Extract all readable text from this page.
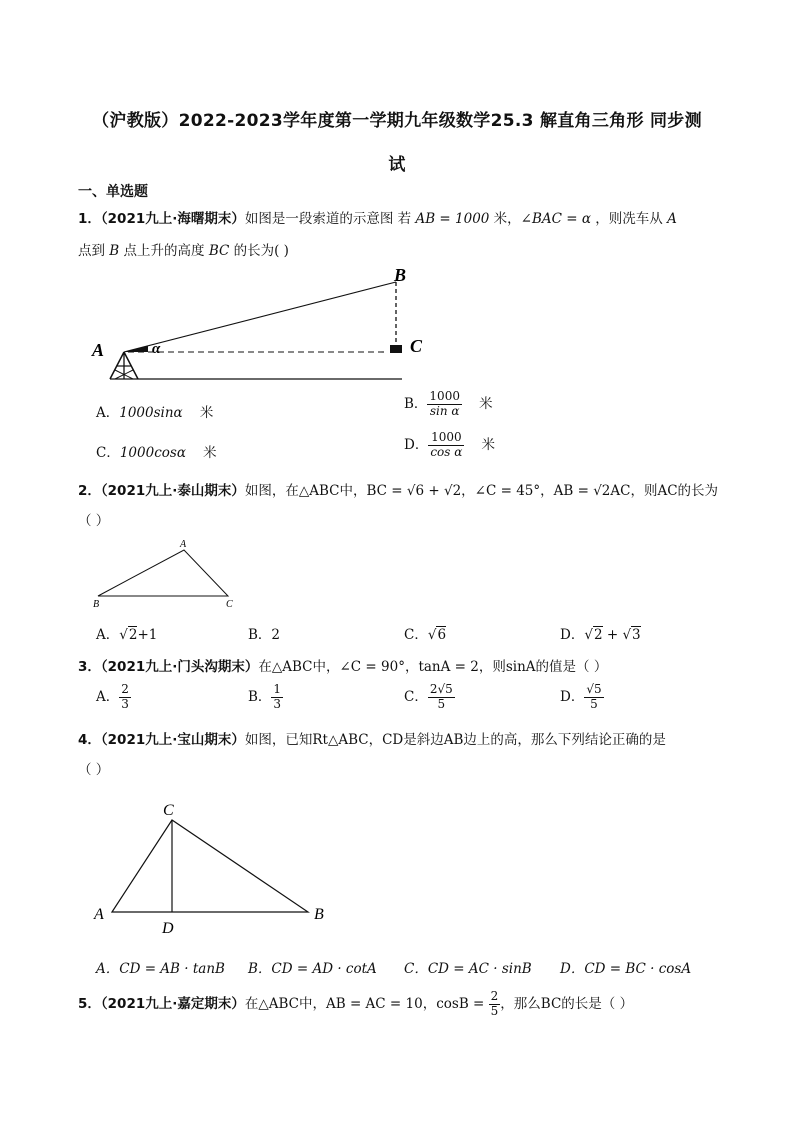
（沪教版）2022-2023学年度第一学期九年级数学25.3 解直角三角形 同步测
试
一、单选题
1．（2021九上·海曙期末）如图是一段索道的示意图 若 AB = 1000 米，∠BAC = α ，则冼车从 A
点到 B 点上升的高度 BC 的长为( )
A	α
B
C
A．1000sinα 米
B． $\frac{1000}{\text{sin α}}$ 米
C．1000cosα 米
D． $\frac{1000}{\text{cos α}}$ 米
2．（2021九上·泰山期末）如图，在△ABC中，BC = √6 + √2，∠C = 45°，AB = √2AC，则AC的长为
（ ）
A
B	C
A．√2+1	B．2	C．√6	D．√2 + √3
3．（2021九上·门头沟期末）在△ABC中，∠C = 90°，tanA = 2，则sinA的值是（ ）
A． $\frac{2}{3}$	B． $\frac{1}{3}$	C． $\frac{2√5}{5}$	D． $\frac{√5}{5}$
4．（2021九上·宝山期末）如图，已知Rt△ABC，CD是斜边AB边上的高，那么下列结论正确的是
（ ）
C
A
D
B
A．CD = AB · tanB B．CD = AD · cotA C．CD = AC · sinB D．CD = BC · cosA
5．（2021九上·嘉定期末）在△ABC中，AB = AC = 10，$\cos B = \frac{2}{5}$ ，那么BC的长是（ ）
